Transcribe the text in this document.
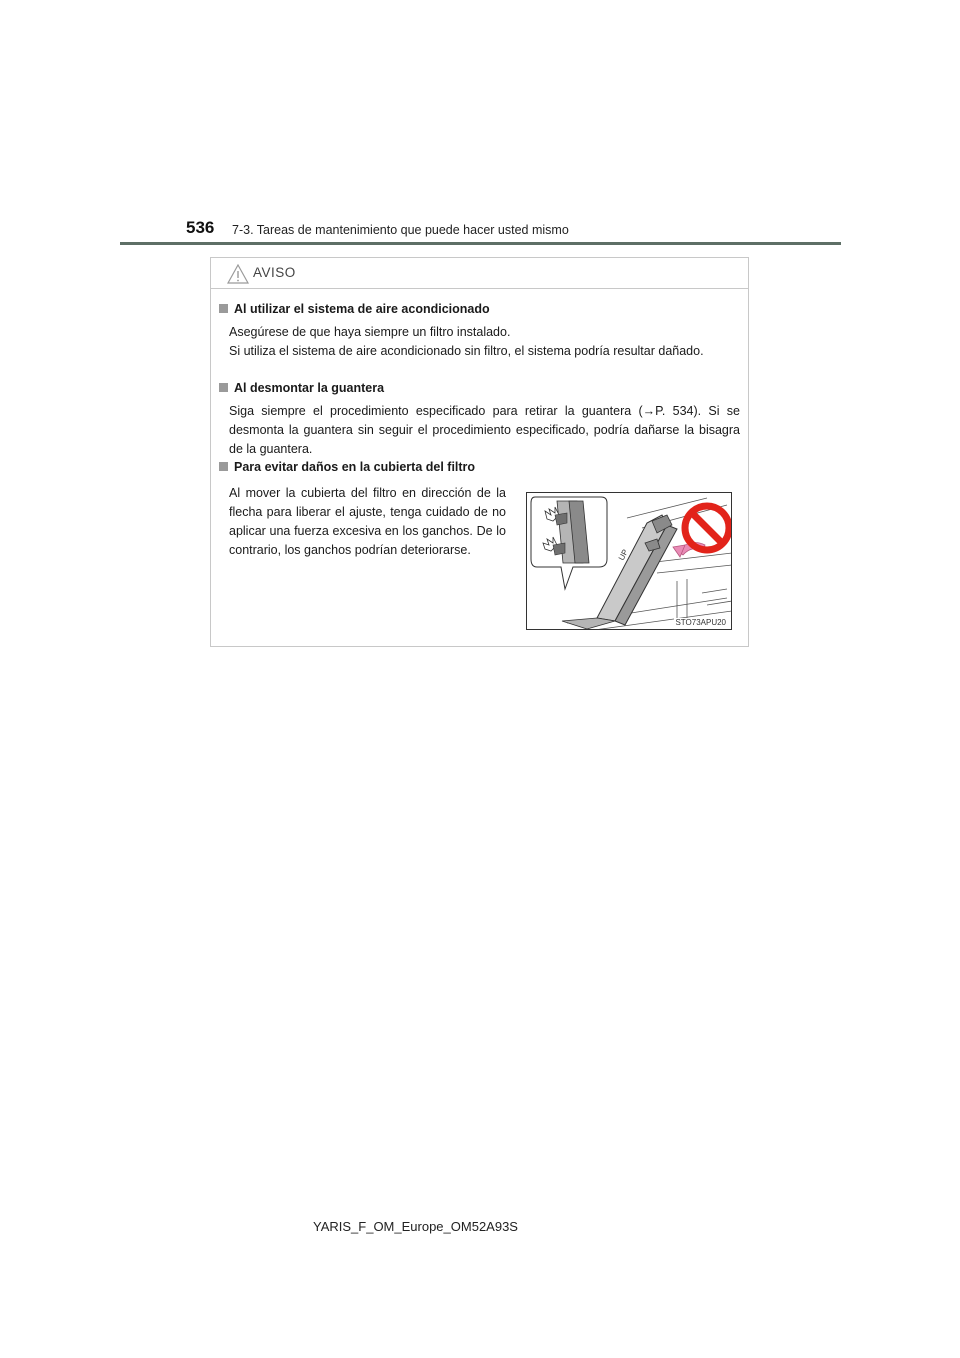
536 7-3. Tareas de mantenimiento que puede hacer usted mismo
AVISO
Al utilizar el sistema de aire acondicionado
Asegúrese de que haya siempre un filtro instalado.
Si utiliza el sistema de aire acondicionado sin filtro, el sistema podría resultar dañado.
Al desmontar la guantera
Siga siempre el procedimiento especificado para retirar la guantera (→P. 534). Si se desmonta la guantera sin seguir el procedimiento especificado, podría dañarse la bisagra de la guantera.
Para evitar daños en la cubierta del filtro
Al mover la cubierta del filtro en dirección de la flecha para liberar el ajuste, tenga cuidado de no aplicar una fuerza excesiva en los ganchos. De lo contrario, los ganchos podrían deteriorarse.	UP
STO73APU20
YARIS_F_OM_Europe_OM52A93S
